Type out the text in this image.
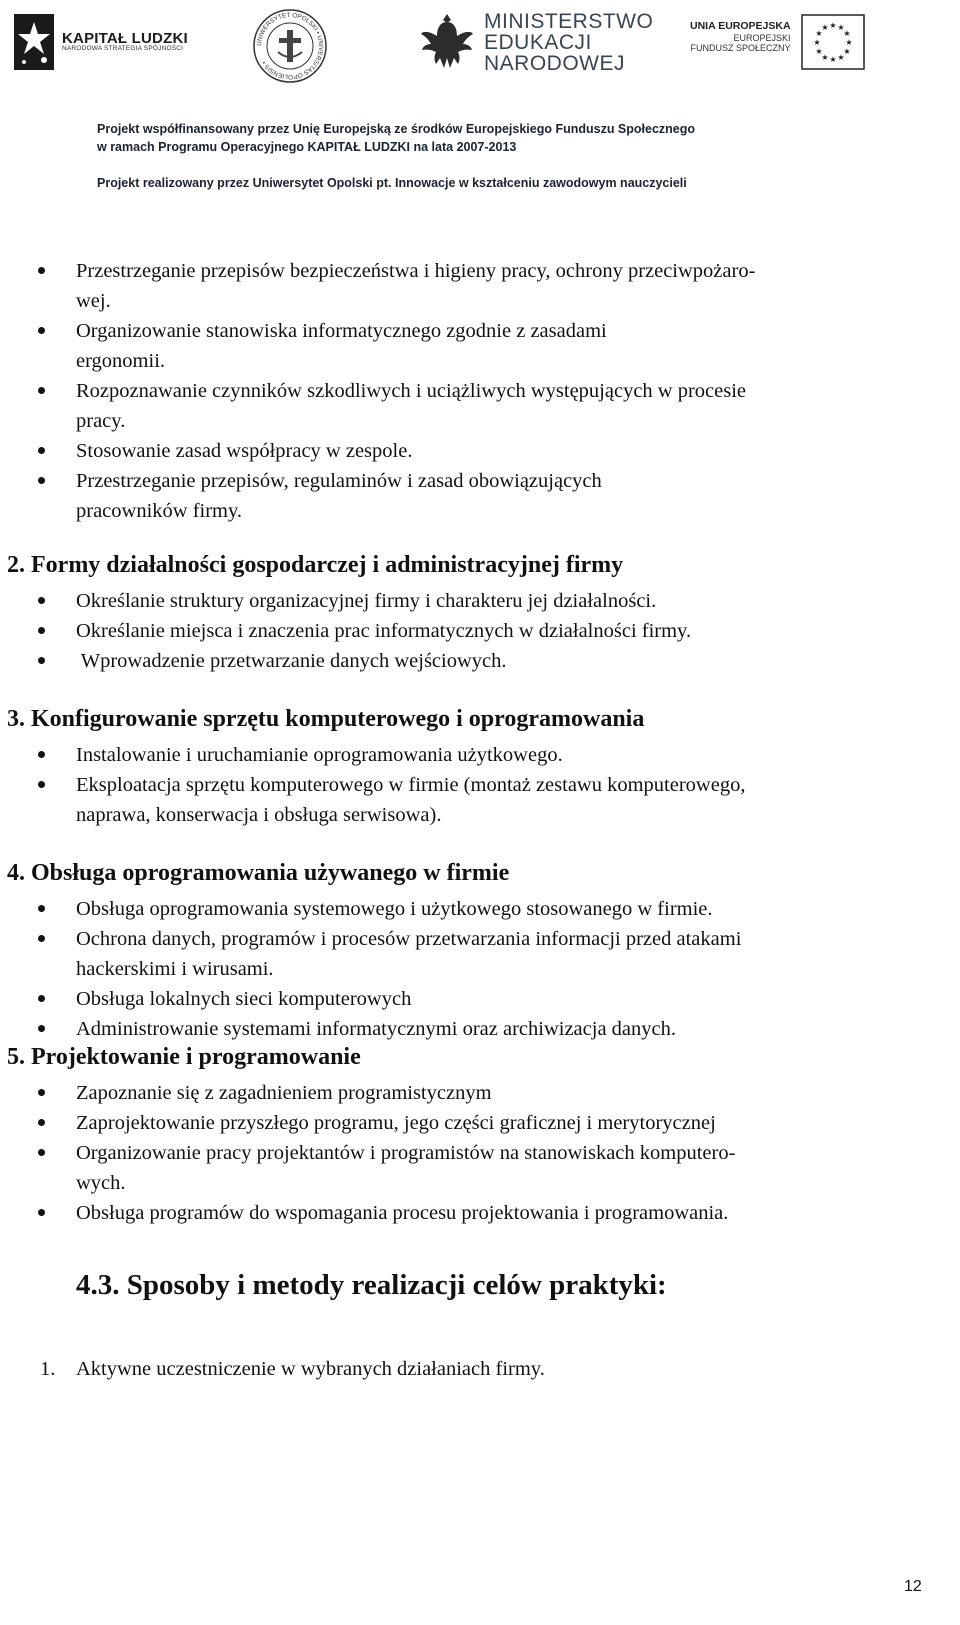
KAPITAŁ LUDZKI
NARODOWA STRATEGIA SPÓJNOŚCI
UNIWERSYTET OPOLSKI • UNIVERSITAS OPOLIENSIS •
MINISTERSTWO
EDUKACJI
NARODOWEJ
UNIA EUROPEJSKA
EUROPEJSKI
FUNDUSZ SPOŁECZNY
★ ★
★
★
★
★
★
★
★
★
★
★
Projekt współfinansowany przez Unię Europejską ze środków Europejskiego Funduszu Społecznego
w ramach Programu Operacyjnego KAPITAŁ LUDZKI na lata 2007-2013
Projekt realizowany przez Uniwersytet Opolski pt. Innowacje w kształceniu zawodowym nauczycieli
Przestrzeganie przepisów bezpieczeństwa i higieny pracy, ochrony przeciwpożaro-
wej.
Organizowanie stanowiska informatycznego zgodnie z zasadami
ergonomii.
Rozpoznawanie czynników szkodliwych i uciążliwych występujących w procesie
pracy.
Stosowanie zasad współpracy w zespole.
Przestrzeganie przepisów, regulaminów i zasad obowiązujących
pracowników firmy.
2. Formy działalności gospodarczej i administracyjnej firmy
Określanie struktury organizacyjnej firmy i charakteru jej działalności.
Określanie miejsca i znaczenia prac informatycznych w działalności firmy.
Wprowadzenie przetwarzanie danych wejściowych.
3. Konfigurowanie sprzętu komputerowego i oprogramowania
Instalowanie i uruchamianie oprogramowania użytkowego.
Eksploatacja sprzętu komputerowego w firmie (montaż zestawu komputerowego,
naprawa, konserwacja i obsługa serwisowa).
4. Obsługa oprogramowania używanego w firmie
Obsługa oprogramowania systemowego i użytkowego stosowanego w firmie.
Ochrona danych, programów i procesów przetwarzania informacji przed atakami
hackerskimi i wirusami.
Obsługa lokalnych sieci komputerowych
Administrowanie systemami informatycznymi oraz archiwizacja danych.
5. Projektowanie i programowanie
Zapoznanie się z zagadnieniem programistycznym
Zaprojektowanie przyszłego programu, jego części graficznej i merytorycznej
Organizowanie pracy projektantów i programistów na stanowiskach komputero-
wych.
Obsługa programów do wspomagania procesu projektowania i programowania.
4.3. Sposoby i metody realizacji celów praktyki:
1. Aktywne uczestniczenie w wybranych działaniach firmy.
12
